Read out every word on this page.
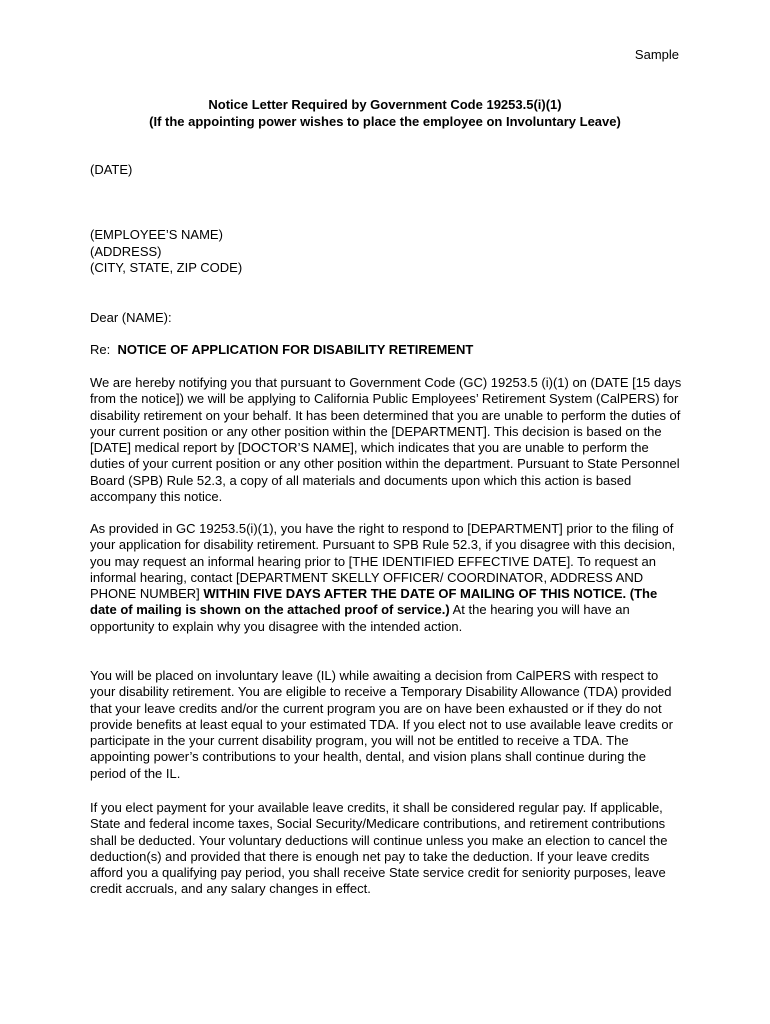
Sample
Notice Letter Required by Government Code 19253.5(i)(1)
(If the appointing power wishes to place the employee on Involuntary Leave)
(DATE)
(EMPLOYEE’S NAME)
(ADDRESS)
(CITY, STATE, ZIP CODE)
Dear (NAME):
Re: NOTICE OF APPLICATION FOR DISABILITY RETIREMENT

We are hereby notifying you that pursuant to Government Code (GC) 19253.5 (i)(1) on (DATE [15 days from the notice]) we will be applying to California Public Employees’ Retirement System (CalPERS) for disability retirement on your behalf. It has been determined that you are unable to perform the duties of your current position or any other position within the [DEPARTMENT]. This decision is based on the [DATE] medical report by [DOCTOR’S NAME], which indicates that you are unable to perform the duties of your current position or any other position within the department. Pursuant to State Personnel Board (SPB) Rule 52.3, a copy of all materials and documents upon which this action is based accompany this notice.

As provided in GC 19253.5(i)(1), you have the right to respond to [DEPARTMENT] prior to the filing of your application for disability retirement. Pursuant to SPB Rule 52.3, if you disagree with this decision, you may request an informal hearing prior to [THE IDENTIFIED EFFECTIVE DATE]. To request an informal hearing, contact [DEPARTMENT SKELLY OFFICER/ COORDINATOR, ADDRESS AND PHONE NUMBER] WITHIN FIVE DAYS AFTER THE DATE OF MAILING OF THIS NOTICE. (The date of mailing is shown on the attached proof of service.) At the hearing you will have an opportunity to explain why you disagree with the intended action.

You will be placed on involuntary leave (IL) while awaiting a decision from CalPERS with respect to your disability retirement. You are eligible to receive a Temporary Disability Allowance (TDA) provided that your leave credits and/or the current program you are on have been exhausted or if they do not provide benefits at least equal to your estimated TDA. If you elect not to use available leave credits or participate in the your current disability program, you will not be entitled to receive a TDA. The appointing power’s contributions to your health, dental, and vision plans shall continue during the period of the IL.

If you elect payment for your available leave credits, it shall be considered regular pay. If applicable, State and federal income taxes, Social Security/Medicare contributions, and retirement contributions shall be deducted. Your voluntary deductions will continue unless you make an election to cancel the deduction(s) and provided that there is enough net pay to take the deduction. If your leave credits afford you a qualifying pay period, you shall receive State service credit for seniority purposes, leave credit accruals, and any salary changes in effect.
